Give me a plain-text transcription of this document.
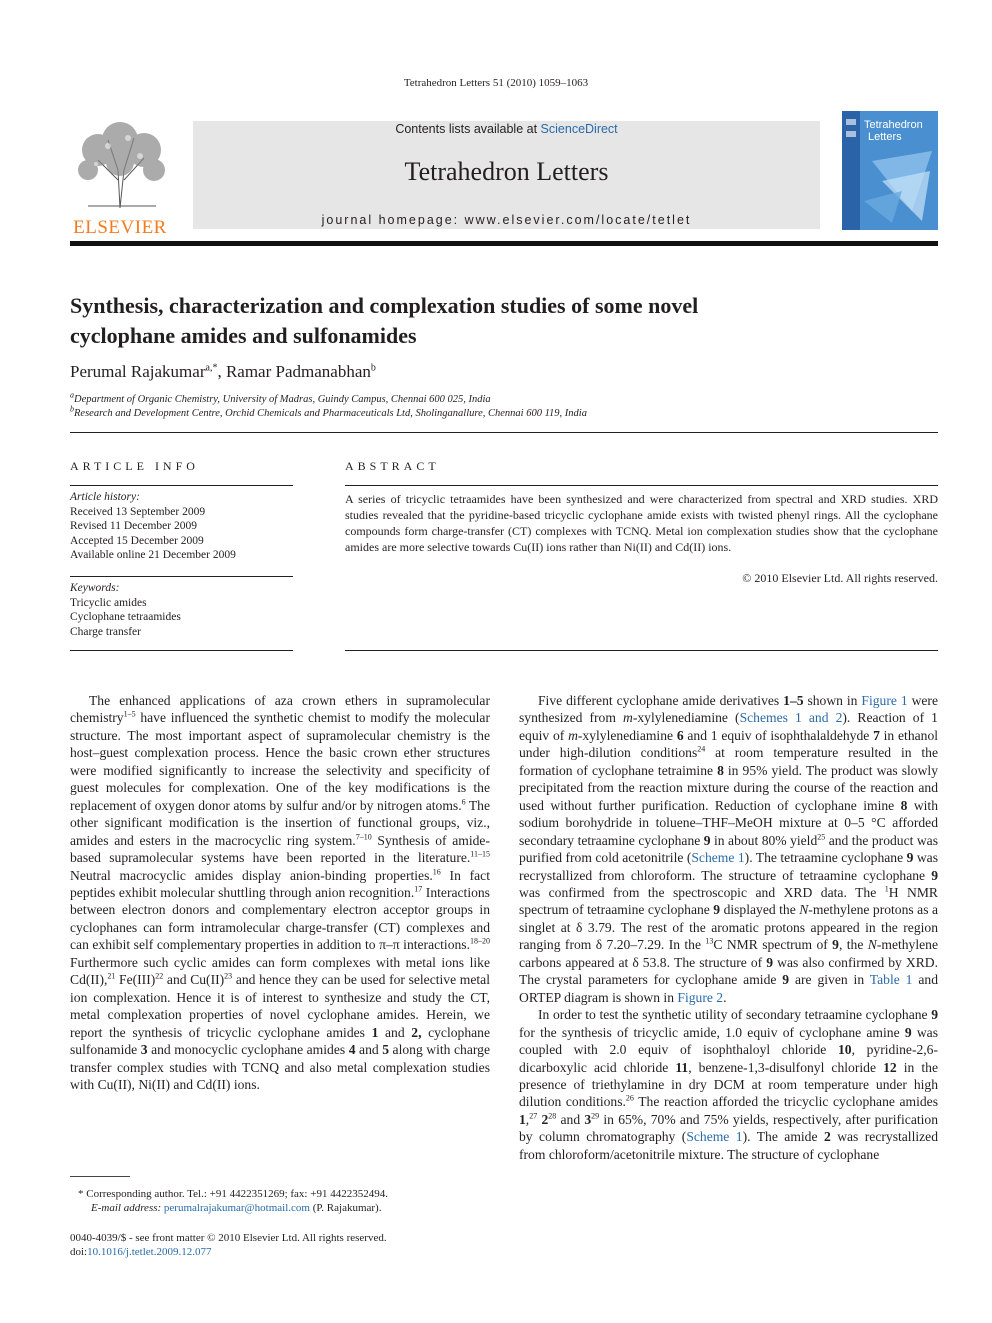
Tetrahedron Letters 51 (2010) 1059–1063
ELSEVIER
Contents lists available at ScienceDirect
Tetrahedron Letters
journal homepage: www.elsevier.com/locate/tetlet
Tetrahedron
Letters
Synthesis, characterization and complexation studies of some novel
cyclophane amides and sulfonamides
Perumal Rajakumar$^{a,*}$, Ramar Padmanabhan$^b$
$^a$Department of Organic Chemistry, University of Madras, Guindy Campus, Chennai 600 025, India
$^b$Research and Development Centre, Orchid Chemicals and Pharmaceuticals Ltd, Sholinganallure, Chennai 600 119, India
ARTICLE INFO
Article history:
Received 13 September 2009
Revised 11 December 2009
Accepted 15 December 2009
Available online 21 December 2009
Keywords:
Tricyclic amides
Cyclophane tetraamides
Charge transfer
ABSTRACT
A series of tricyclic tetraamides have been synthesized and were characterized from spectral and XRD studies. XRD studies revealed that the pyridine-based tricyclic cyclophane amide exists with twisted phenyl rings. All the cyclophane compounds form charge-transfer (CT) complexes with TCNQ. Metal ion complexation studies show that the cyclophane amides are more selective towards Cu(II) ions rather than Ni(II) and Cd(II) ions.
© 2010 Elsevier Ltd. All rights reserved.

The enhanced applications of aza crown ethers in supramolecular chemistry$^{1-5}$ have influenced the synthetic chemist to modify the molecular structure. The most important aspect of supramolecular chemistry is the host–guest complexation process. Hence the basic crown ether structures were modified significantly to increase the selectivity and specificity of guest molecules for complexation. One of the key modifications is the replacement of oxygen donor atoms by sulfur and/or by nitrogen atoms.$^6$ The other significant modification is the insertion of functional groups, viz., amides and esters in the macrocyclic ring system.$^{7-10}$ Synthesis of amide-based supramolecular systems have been reported in the literature.$^{11-15}$ Neutral macrocyclic amides display anion-binding properties.$^{16}$ In fact peptides exhibit molecular shuttling through anion recognition.$^{17}$ Interactions between electron donors and complementary electron acceptor groups in cyclophanes can form intramolecular charge-transfer (CT) complexes and can exhibit self complementary properties in addition to π–π interactions.$^{18-20}$ Furthermore such cyclic amides can form complexes with metal ions like Cd(II),$^{21}$ Fe(III)$^{22}$ and Cu(II)$^{23}$ and hence they can be used for selective metal ion complexation. Hence it is of interest to synthesize and study the CT, metal complexation properties of novel cyclophane amides. Herein, we report the synthesis of tricyclic cyclophane amides 1 and 2, cyclophane sulfonamide 3 and monocyclic cyclophane amides 4 and 5 along with charge transfer complex studies with TCNQ and also metal complexation studies with Cu(II), Ni(II) and Cd(II) ions.

Five different cyclophane amide derivatives 1–5 shown in Figure 1 were synthesized from m-xylylenediamine (Schemes 1 and 2). Reaction of 1 equiv of m-xylylenediamine 6 and 1 equiv of isophthalaldehyde 7 in ethanol under high-dilution conditions$^{24}$ at room temperature resulted in the formation of cyclophane tetraimine 8 in 95% yield. The product was slowly precipitated from the reaction mixture during the course of the reaction and used without further purification. Reduction of cyclophane imine 8 with sodium borohydride in toluene–THF–MeOH mixture at 0–5 °C afforded secondary tetraamine cyclophane 9 in about 80% yield$^{25}$ and the product was purified from cold acetonitrile (Scheme 1). The tetraamine cyclophane 9 was recrystallized from chloroform. The structure of tetraamine cyclophane 9 was confirmed from the spectroscopic and XRD data. The $^1$H NMR spectrum of tetraamine cyclophane 9 displayed the N-methylene protons as a singlet at δ 3.79. The rest of the aromatic protons appeared in the region ranging from δ 7.20–7.29. In the $^{13}$C NMR spectrum of 9, the N-methylene carbons appeared at δ 53.8. The structure of 9 was also confirmed by XRD. The crystal parameters for cyclophane amide 9 are given in Table 1 and ORTEP diagram is shown in Figure 2.

In order to test the synthetic utility of secondary tetraamine cyclophane 9 for the synthesis of tricyclic amide, 1.0 equiv of cyclophane amine 9 was coupled with 2.0 equiv of isophthaloyl chloride 10, pyridine-2,6-dicarboxylic acid chloride 11, benzene-1,3-disulfonyl chloride 12 in the presence of triethylamine in dry DCM at room temperature under high dilution conditions.$^{26}$ The reaction afforded the tricyclic cyclophane amides 1,27 $2^{28}$ and $3^{29}$ in 65%, 70% and 75% yields, respectively, after purification by column chromatography (Scheme 1). The amide 2 was recrystallized from chloroform/acetonitrile mixture. The structure of cyclophane

* Corresponding author. Tel.: +91 4422351269; fax: +91 4422352494.
E-mail address: perumalrajakumar@hotmail.com (P. Rajakumar).
0040-4039/$ - see front matter © 2010 Elsevier Ltd. All rights reserved.
doi:10.1016/j.tetlet.2009.12.077
